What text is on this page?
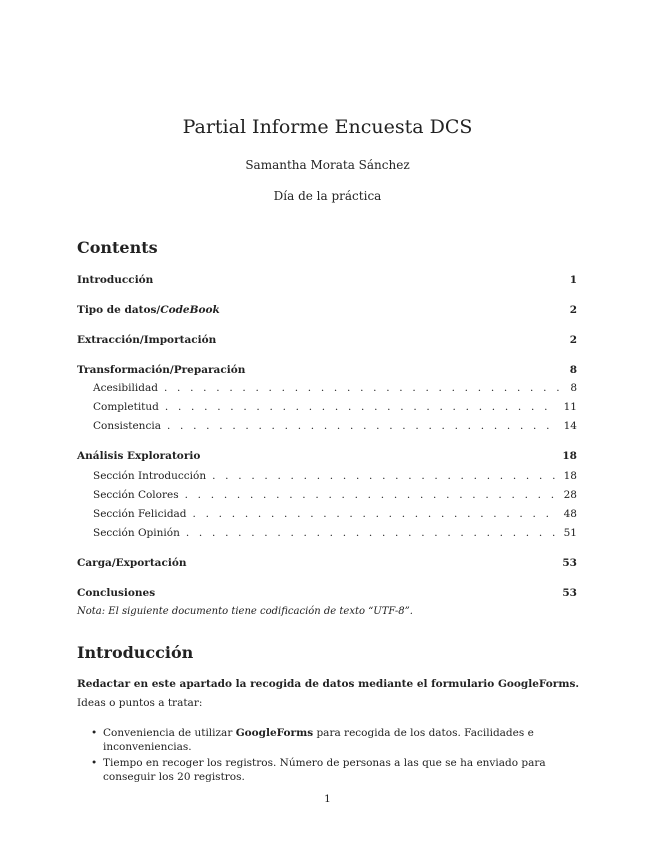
Partial Informe Encuesta DCS
Samantha Morata Sánchez
Día de la práctica
Contents
Introducción	1
Tipo de datos/CodeBook	2
Extracción/Importación	2
Transformación/Preparación	8
Acesibilidad . . .	8
Completitud . . .	11
Consistencia . . .	14
Análisis Exploratorio	18
Sección Introducción . . .	18
Sección Colores . . .	28
Sección Felicidad . . .	48
Sección Opinión . . .	51
Carga/Exportación	53
Conclusiones	53
Nota: El siguiente documento tiene codificación de texto “UTF-8”.
Introducción
Redactar en este apartado la recogida de datos mediante el formulario GoogleForms.
Ideas o puntos a tratar:
• Conveniencia de utilizar GoogleForms para recogida de los datos. Facilidades e inconveniencias.
• Tiempo en recoger los registros. Número de personas a las que se ha enviado para conseguir los 20 registros.
1
